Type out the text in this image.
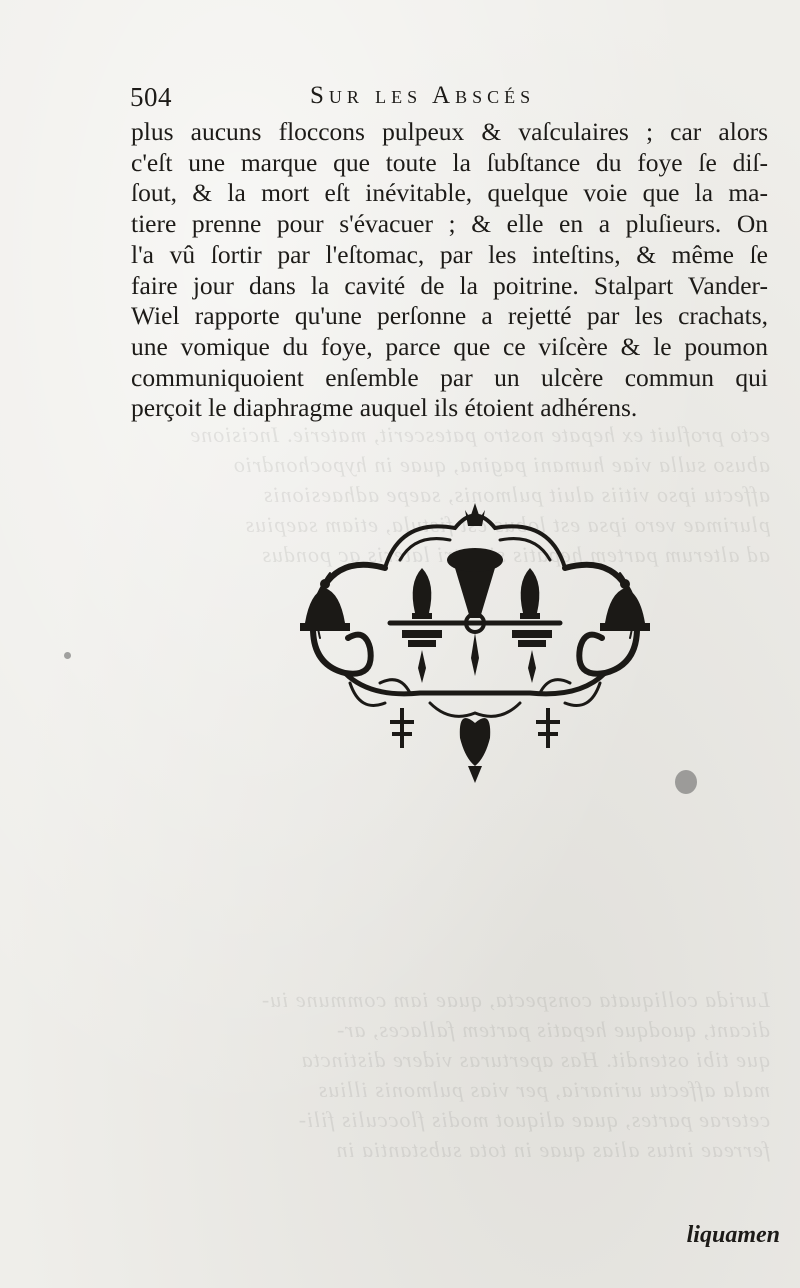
ecto profluit ex hepate nostro patescerit, materie. Incisione
abuso sulla viae humani pagina, quae in hypochondrio
affectu ipso vitiis aluit pulmonis, saepe adhaesionis
plurimae vero ipsa est lobus est fistula, etiam saepius
ad alterum partem hepatis sinistri lateris ac pondus
Lurida colliquata conspecta, quae iam commune iu-
dicant, quodque hepatis partem fallaces, ar-
que tibi ostendit. Has aperturas videre distincta
mala affectu urinaria, per vias pulmonis illius
ceterae partes, quae aliquot modis flocculis fili-
ferreae intus alias quae in tota substantia in
504	Sur les Abscés

plus aucuns floccons pulpeux & vaſculaires ; car alors
c'eſt une marque que toute la ſubſtance du foye ſe diſ-
ſout, & la mort eſt inévitable, quelque voie que la ma-
tiere prenne pour s'évacuer ; & elle en a pluſieurs. On
l'a vû ſortir par l'eſtomac, par les inteſtins, & même ſe
faire jour dans la cavité de la poitrine. Stalpart Vander-
Wiel rapporte qu'une perſonne a rejetté par les crachats,
une vomique du foye, parce que ce viſcère & le poumon
communiquoient enſemble par un ulcère commun qui
perçoit le diaphragme auquel ils étoient adhérens.

liquamen
